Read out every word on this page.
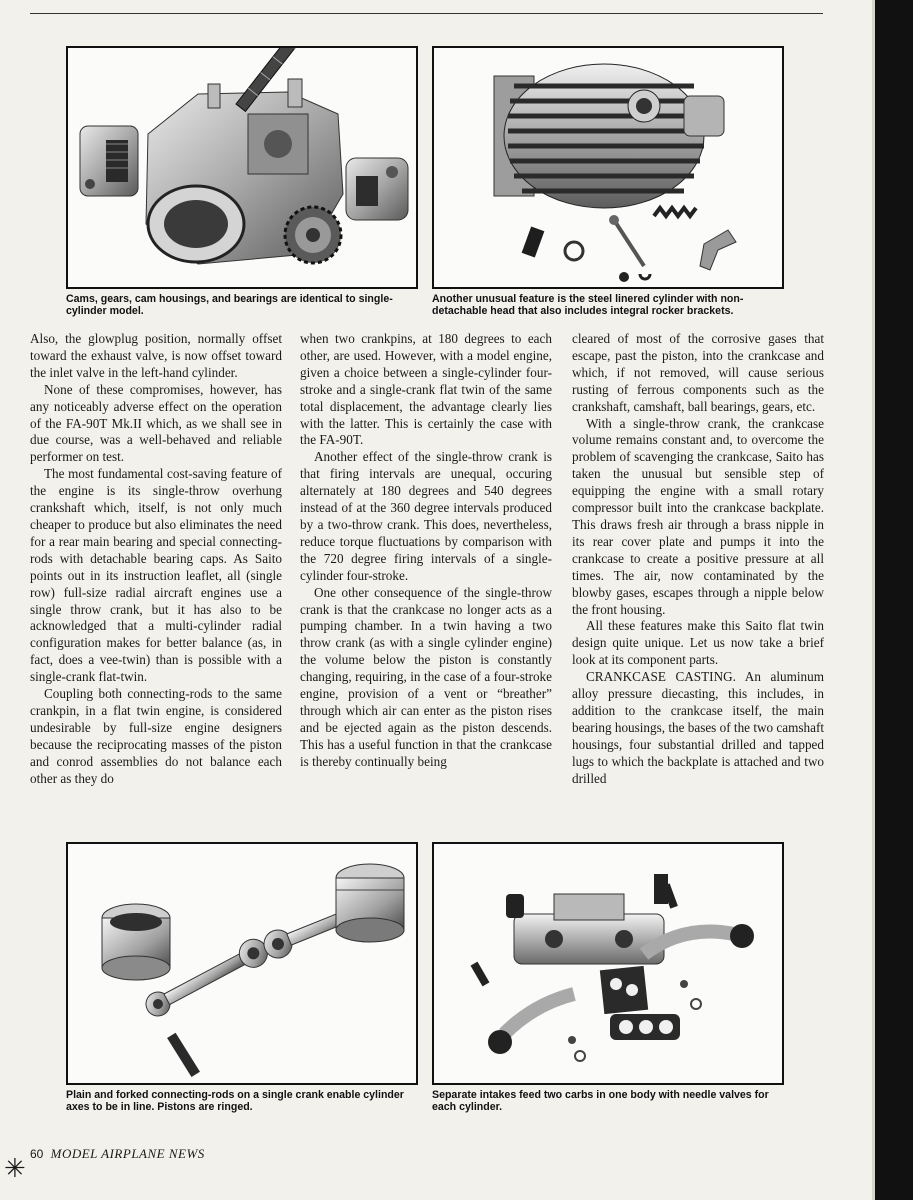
Cams, gears, cam housings, and bearings are identical to single-cylinder model.
Another unusual feature is the steel linered cylinder with non-detachable head that also includes integral rocker brackets.

Also, the glowplug position, normally offset toward the exhaust valve, is now offset toward the inlet valve in the left-hand cylinder.

None of these compromises, however, has any noticeably adverse effect on the operation of the FA-90T Mk.II which, as we shall see in due course, was a well-behaved and reliable performer on test.

The most fundamental cost-saving feature of the engine is its single-throw overhung crankshaft which, itself, is not only much cheaper to produce but also eliminates the need for a rear main bearing and special connecting-rods with detachable bearing caps. As Saito points out in its instruction leaflet, all (single row) full-size radial aircraft engines use a single throw crank, but it has also to be acknowledged that a multi-cylinder radial configuration makes for better balance (as, in fact, does a vee-twin) than is possible with a single-crank flat-twin.

Coupling both connecting-rods to the same crankpin, in a flat twin engine, is considered undesirable by full-size engine designers because the reciprocating masses of the piston and conrod assemblies do not balance each other as they do

when two crankpins, at 180 degrees to each other, are used. However, with a model engine, given a choice between a single-cylinder four-stroke and a single-crank flat twin of the same total displacement, the advantage clearly lies with the latter. This is certainly the case with the FA-90T.

Another effect of the single-throw crank is that firing intervals are unequal, occuring alternately at 180 degrees and 540 degrees instead of at the 360 degree intervals produced by a two-throw crank. This does, nevertheless, reduce torque fluctuations by comparison with the 720 degree firing intervals of a single-cylinder four-stroke.

One other consequence of the single-throw crank is that the crankcase no longer acts as a pumping chamber. In a twin having a two throw crank (as with a single cylinder engine) the volume below the piston is constantly changing, requiring, in the case of a four-stroke engine, provision of a vent or “breather” through which air can enter as the piston rises and be ejected again as the piston descends. This has a useful function in that the crankcase is thereby continually being

cleared of most of the corrosive gases that escape, past the piston, into the crankcase and which, if not removed, will cause serious rusting of ferrous components such as the crankshaft, camshaft, ball bearings, gears, etc.

With a single-throw crank, the crankcase volume remains constant and, to overcome the problem of scavenging the crankcase, Saito has taken the unusual but sensible step of equipping the engine with a small rotary compressor built into the crankcase backplate. This draws fresh air through a brass nipple in its rear cover plate and pumps it into the crankcase to create a positive pressure at all times. The air, now contaminated by the blowby gases, escapes through a nipple below the front housing.

All these features make this Saito flat twin design quite unique. Let us now take a brief look at its component parts.

CRANKCASE CASTING. An aluminum alloy pressure diecasting, this includes, in addition to the crankcase itself, the main bearing housings, the bases of the two camshaft housings, four substantial drilled and tapped lugs to which the backplate is attached and two drilled

Plain and forked connecting-rods on a single crank enable cylinder axes to be in line. Pistons are ringed.
Separate intakes feed two carbs in one body with needle valves for each cylinder.
60 MODEL AIRPLANE NEWS
✳
